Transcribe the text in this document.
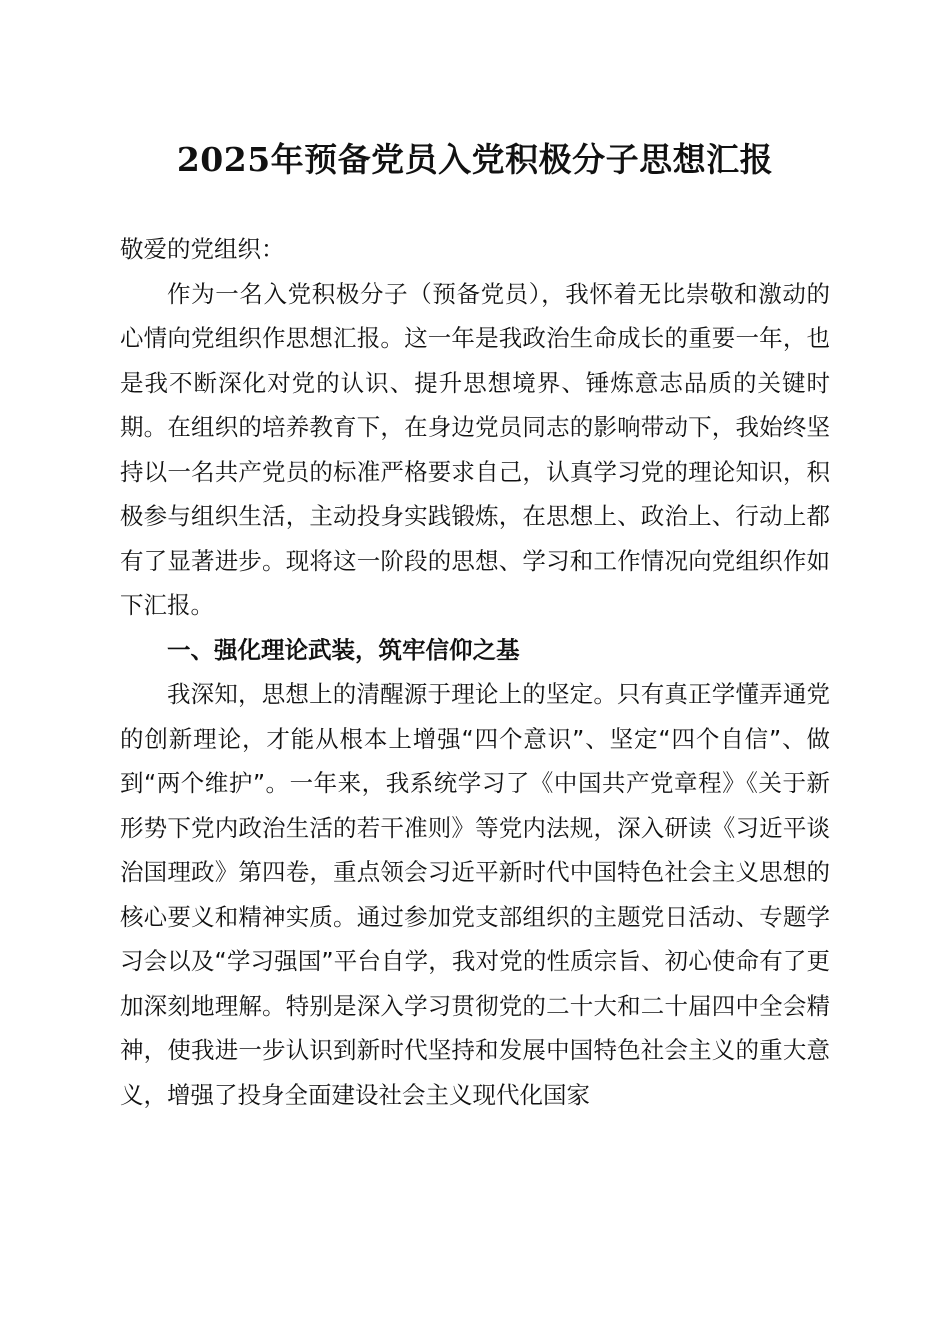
2025年预备党员入党积极分子思想汇报

敬爱的党组织：

作为一名入党积极分子（预备党员），我怀着无比崇敬和激动的心情向党组织作思想汇报。这一年是我政治生命成长的重要一年，也是我不断深化对党的认识、提升思想境界、锤炼意志品质的关键时期。在组织的培养教育下，在身边党员同志的影响带动下，我始终坚持以一名共产党员的标准严格要求自己，认真学习党的理论知识，积极参与组织生活，主动投身实践锻炼，在思想上、政治上、行动上都有了显著进步。现将这一阶段的思想、学习和工作情况向党组织作如下汇报。

一、强化理论武装，筑牢信仰之基

我深知，思想上的清醒源于理论上的坚定。只有真正学懂弄通党的创新理论，才能从根本上增强“四个意识”、坚定“四个自信”、做到“两个维护”。一年来，我系统学习了《中国共产党章程》《关于新形势下党内政治生活的若干准则》等党内法规，深入研读《习近平谈治国理政》第四卷，重点领会习近平新时代中国特色社会主义思想的核心要义和精神实质。通过参加党支部组织的主题党日活动、专题学习会以及“学习强国”平台自学，我对党的性质宗旨、初心使命有了更加深刻地理解。特别是深入学习贯彻党的二十大和二十届四中全会精神，使我进一步认识到新时代坚持和发展中国特色社会主义的重大意义，增强了投身全面建设社会主义现代化国家
